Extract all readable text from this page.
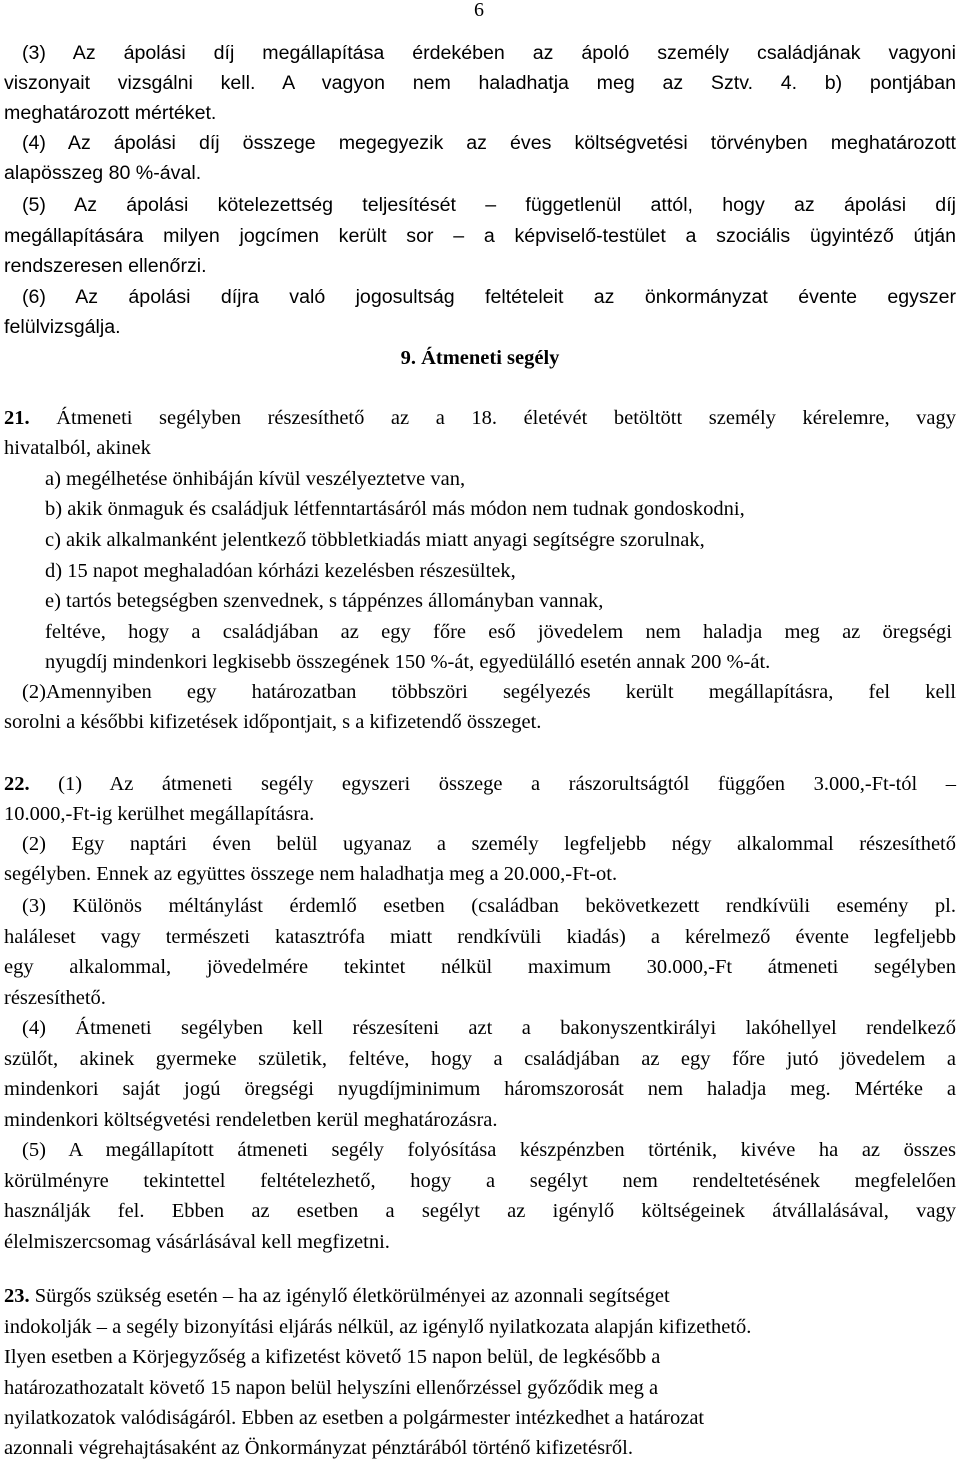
6
(3) Az ápolási díj megállapítása érdekében az ápoló személy családjának vagyoni
viszonyait vizsgálni kell. A vagyon nem haladhatja meg az Sztv. 4. b) pontjában
meghatározott mértéket.
(4) Az ápolási díj összege megegyezik az éves költségvetési törvényben meghatározott
alapösszeg 80 %-ával.
(5) Az ápolási kötelezettség teljesítését – függetlenül attól, hogy az ápolási díj
megállapítására milyen jogcímen került sor – a képviselő-testület a szociális ügyintéző útján
rendszeresen ellenőrzi.
(6) Az ápolási díjra való jogosultság feltételeit az önkormányzat évente egyszer
felülvizsgálja.
9. Átmeneti segély
21. Átmeneti segélyben részesíthető az a 18. életévét betöltött személy kérelemre, vagy
hivatalból, akinek
a) megélhetése önhibáján kívül veszélyeztetve van,
b) akik önmaguk és családjuk létfenntartásáról más módon nem tudnak gondoskodni,
c) akik alkalmanként jelentkező többletkiadás miatt anyagi segítségre szorulnak,
d) 15 napot meghaladóan kórházi kezelésben részesültek,
e) tartós betegségben szenvednek, s táppénzes állományban vannak,
feltéve, hogy a családjában az egy főre eső jövedelem nem haladja meg az öregségi
nyugdíj mindenkori legkisebb összegének 150 %-át, egyedülálló esetén annak 200 %-át.
(2)Amennyiben egy határozatban többszöri segélyezés került megállapításra, fel kell
sorolni a későbbi kifizetések időpontjait, s a kifizetendő összeget.
22. (1) Az átmeneti segély egyszeri összege a rászorultságtól függően 3.000,-Ft-tól –
10.000,-Ft-ig kerülhet megállapításra.
(2) Egy naptári éven belül ugyanaz a személy legfeljebb négy alkalommal részesíthető
segélyben. Ennek az együttes összege nem haladhatja meg a 20.000,-Ft-ot.
(3) Különös méltánylást érdemlő esetben (családban bekövetkezett rendkívüli esemény pl.
haláleset vagy természeti katasztrófa miatt rendkívüli kiadás) a kérelmező évente legfeljebb
egy alkalommal, jövedelmére tekintet nélkül maximum 30.000,-Ft átmeneti segélyben
részesíthető.
(4) Átmeneti segélyben kell részesíteni azt a bakonyszentkirályi lakóhellyel rendelkező
szülőt, akinek gyermeke születik, feltéve, hogy a családjában az egy főre jutó jövedelem a
mindenkori saját jogú öregségi nyugdíjminimum háromszorosát nem haladja meg. Mértéke a
mindenkori költségvetési rendeletben kerül meghatározásra.
(5) A megállapított átmeneti segély folyósítása készpénzben történik, kivéve ha az összes
körülményre tekintettel feltételezhető, hogy a segélyt nem rendeltetésének megfelelően
használják fel. Ebben az esetben a segélyt az igénylő költségeinek átvállalásával, vagy
élelmiszercsomag vásárlásával kell megfizetni.
23. Sürgős szükség esetén – ha az igénylő életkörülményei az azonnali segítséget
indokolják – a segély bizonyítási eljárás nélkül, az igénylő nyilatkozata alapján kifizethető.
Ilyen esetben a Körjegyzőség a kifizetést követő 15 napon belül, de legkésőbb a
határozathozatalt követő 15 napon belül helyszíni ellenőrzéssel győződik meg a
nyilatkozatok valódiságáról. Ebben az esetben a polgármester intézkedhet a határozat
azonnali végrehajtásaként az Önkormányzat pénztárából történő kifizetésről.
